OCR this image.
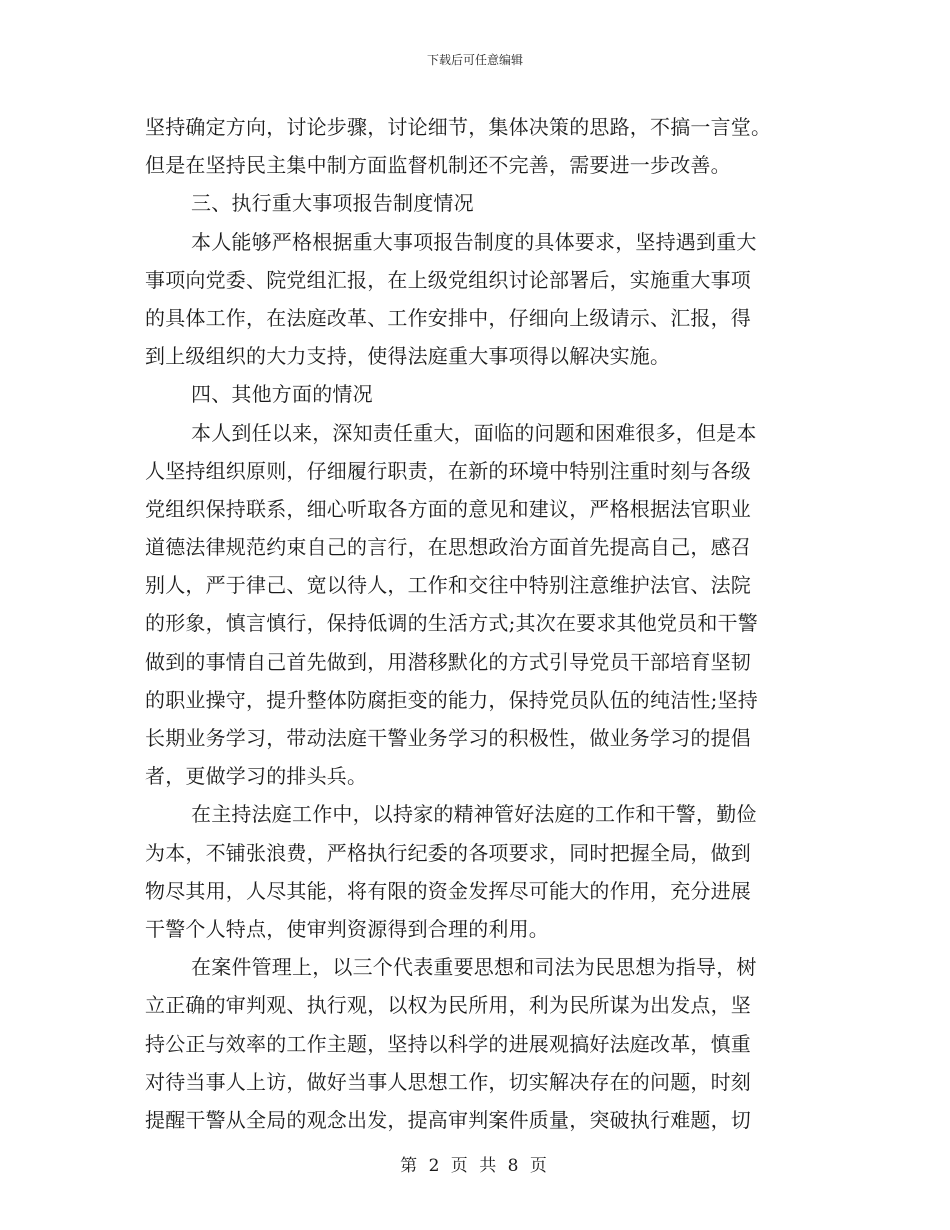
下载后可任意编辑
坚持确定方向，讨论步骤，讨论细节，集体决策的思路，不搞一言堂。
但是在坚持民主集中制方面监督机制还不完善，需要进一步改善。
三、执行重大事项报告制度情况
本人能够严格根据重大事项报告制度的具体要求，坚持遇到重大
事项向党委、院党组汇报，在上级党组织讨论部署后，实施重大事项
的具体工作，在法庭改革、工作安排中，仔细向上级请示、汇报，得
到上级组织的大力支持，使得法庭重大事项得以解决实施。
四、其他方面的情况
本人到任以来，深知责任重大，面临的问题和困难很多，但是本
人坚持组织原则，仔细履行职责，在新的环境中特别注重时刻与各级
党组织保持联系，细心听取各方面的意见和建议，严格根据法官职业
道德法律规范约束自己的言行，在思想政治方面首先提高自己，感召
别人，严于律己、宽以待人，工作和交往中特别注意维护法官、法院
的形象，慎言慎行，保持低调的生活方式;其次在要求其他党员和干警
做到的事情自己首先做到，用潜移默化的方式引导党员干部培育坚韧
的职业操守，提升整体防腐拒变的能力，保持党员队伍的纯洁性;坚持
长期业务学习，带动法庭干警业务学习的积极性，做业务学习的提倡
者，更做学习的排头兵。
在主持法庭工作中，以持家的精神管好法庭的工作和干警，勤俭
为本，不铺张浪费，严格执行纪委的各项要求，同时把握全局，做到
物尽其用，人尽其能，将有限的资金发挥尽可能大的作用，充分进展
干警个人特点，使审判资源得到合理的利用。
在案件管理上，以三个代表重要思想和司法为民思想为指导，树
立正确的审判观、执行观，以权为民所用，利为民所谋为出发点，坚
持公正与效率的工作主题，坚持以科学的进展观搞好法庭改革，慎重
对待当事人上访，做好当事人思想工作，切实解决存在的问题，时刻
提醒干警从全局的观念出发，提高审判案件质量，突破执行难题，切
第 2 页 共 8 页
